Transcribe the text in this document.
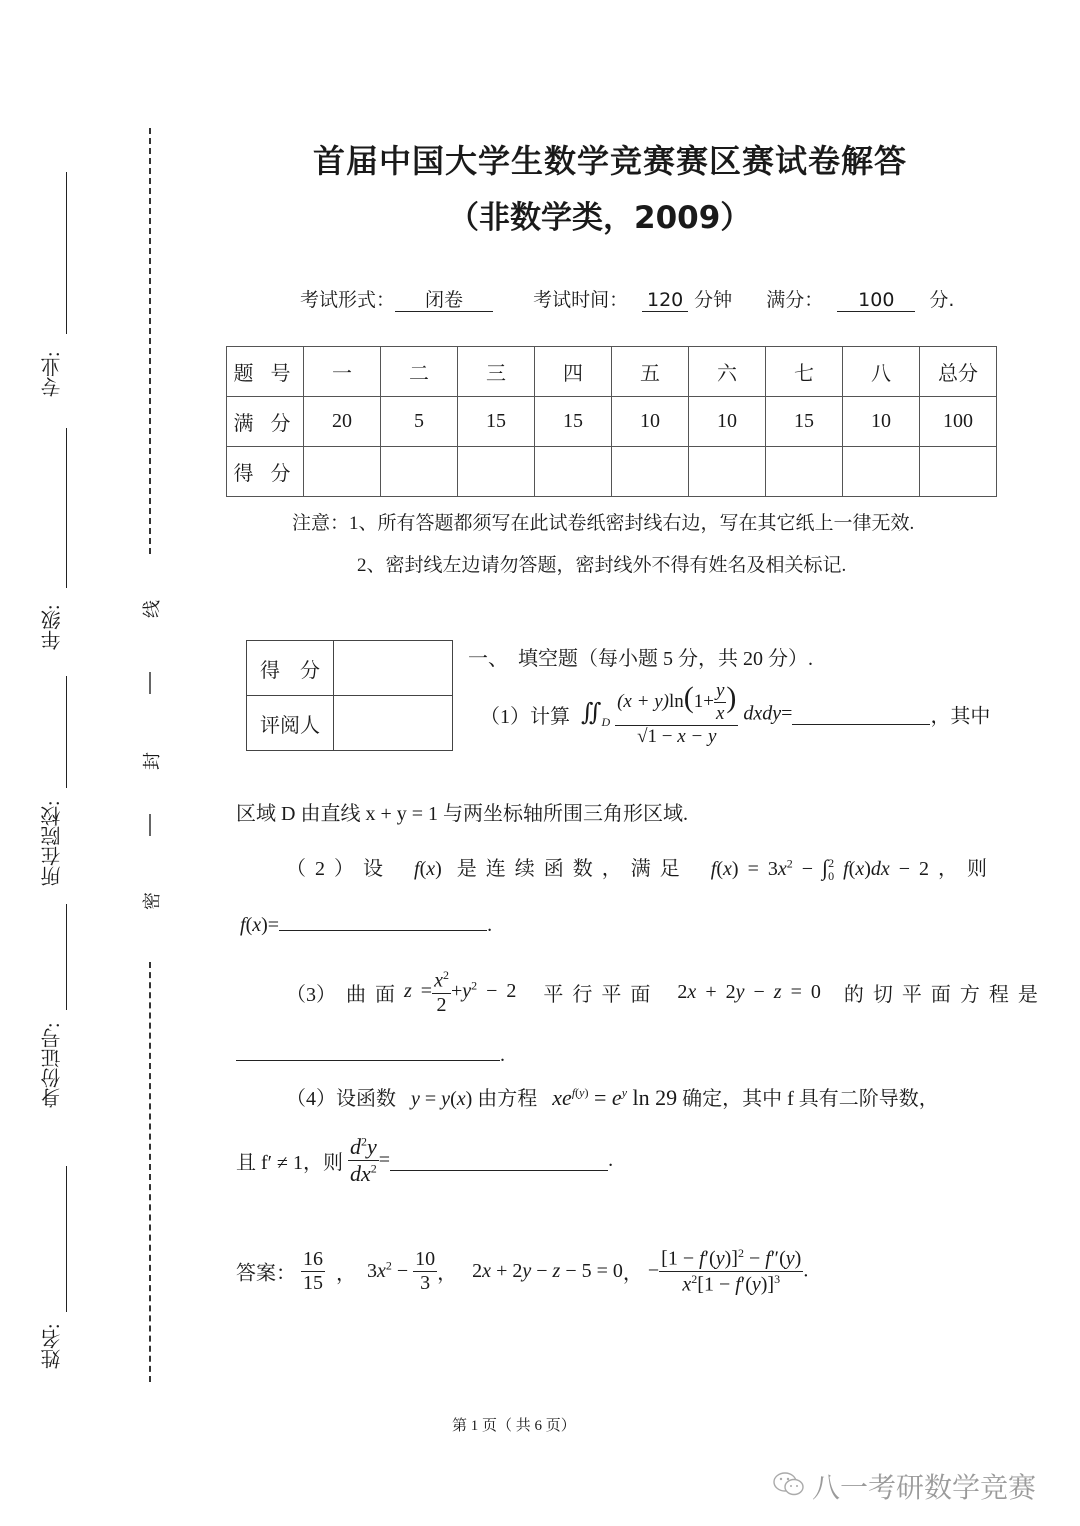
专业:
年级:
所在院校:
身份证号:
姓名:
线
封
密
首届中国大学生数学竞赛赛区赛试卷解答
（非数学类，2009）
考试形式： 闭卷	考试时间： 120 分钟 满分： 100 分.
题 号	一	二	三	四	五	六	七	八	总分
满 分	20	5	15	15	10	10	15	10	100
得 分									
注意：1、所有答题都须写在此试卷纸密封线右边，写在其它纸上一律无效.
2、密封线左边请勿答题，密封线外不得有姓名及相关标记.
得　分	
评阅人	
一、　填空题（每小题 5 分，共 20 分）.
（1）计算 $∬_D \frac{(x + y)\ln(1+ \frac{y}{x} )}{√1 - x - y}$ dxdy=	，其中
区域 D 由直线 x + y = 1 与两坐标轴所围三角形区域.
（ 2 ） 设 f(x) 是 连 续 函 数 ， 满 足 $f(x) = 3x^2 - \int_0^2$ f(x)dx − 2 ， 则
f(x)=	.
（3）　曲 面 $z = \frac{x^2}{2} +y^2 - 2$ 平 行 平 面 2x + 2y − z = 0 的 切 平 面 方 程 是
.
（4）设函数 y = y(x) 由方程 $xe^{f(y)} = e^y$ ln 29 确定，其中 f 具有二阶导数，
且 f′ ≠ 1，则 $\frac{d^2y}{dx^2}$ =	.
答案： $\frac{16}{15}$ ， $3x^2 - \frac{10}{3}$ ， 2x + 2y − z − 5 = 0， − $\frac{[1 - f'(y)]^2 - f''(y)}{x^2[1 - f'(y)]^3}$ .
第 1 页（ 共 6 页）
八一考研数学竞赛
